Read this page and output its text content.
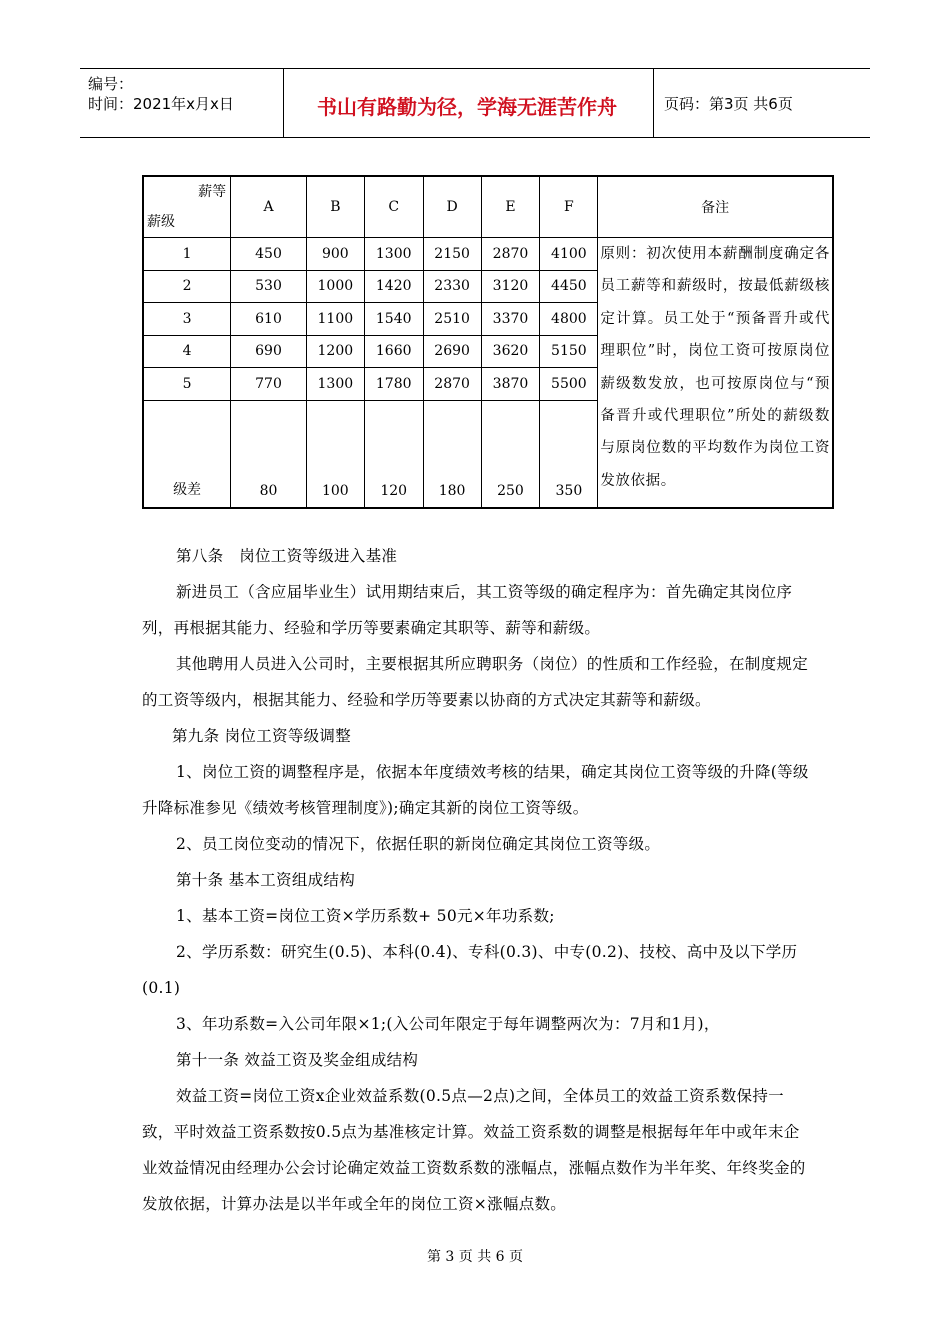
编号：
时间：2021年x月x日	书山有路勤为径，学海无涯苦作舟	页码：第3页 共6页
薪等
薪级	A	B	C	D	E	F	备注
1	450	900	1300	2150	2870	4100	原则：初次使用本薪酬制度确定各员工薪等和薪级时，按最低薪级核定计算。员工处于“预备晋升或代理职位”时，岗位工资可按原岗位薪级数发放，也可按原岗位与“预备晋升或代理职位”所处的薪级数与原岗位数的平均数作为岗位工资发放依据。
2	530	1000	1420	2330	3120	4450	
3	610	1100	1540	2510	3370	4800	
4	690	1200	1660	2690	3620	5150	
5	770	1300	1780	2870	3870	5500	
级差	80	100	120	180	250	350	
第八条　岗位工资等级进入基准
新进员工（含应届毕业生）试用期结束后，其工资等级的确定程序为：首先确定其岗位序列，再根据其能力、经验和学历等要素确定其职等、薪等和薪级。
其他聘用人员进入公司时，主要根据其所应聘职务（岗位）的性质和工作经验，在制度规定的工资等级内，根据其能力、经验和学历等要素以协商的方式决定其薪等和薪级。
第九条 岗位工资等级调整
1、岗位工资的调整程序是，依据本年度绩效考核的结果，确定其岗位工资等级的升降(等级升降标准参见《绩效考核管理制度》);确定其新的岗位工资等级。
2、员工岗位变动的情况下，依据任职的新岗位确定其岗位工资等级。
第十条 基本工资组成结构
1、基本工资=岗位工资×学历系数+ 50元×年功系数;
2、学历系数：研究生(0.5)、本科(0.4)、专科(0.3)、中专(0.2)、技校、高中及以下学历(0.1)
3、年功系数=入公司年限×1;(入公司年限定于每年调整两次为：7月和1月)，
第十一条 效益工资及奖金组成结构
效益工资=岗位工资x企业效益系数(0.5点—2点)之间，全体员工的效益工资系数保持一致，平时效益工资系数按0.5点为基准核定计算。效益工资系数的调整是根据每年年中或年末企业效益情况由经理办公会讨论确定效益工资数系数的涨幅点，涨幅点数作为半年奖、年终奖金的发放依据，计算办法是以半年或全年的岗位工资×涨幅点数。
第 3 页 共 6 页
